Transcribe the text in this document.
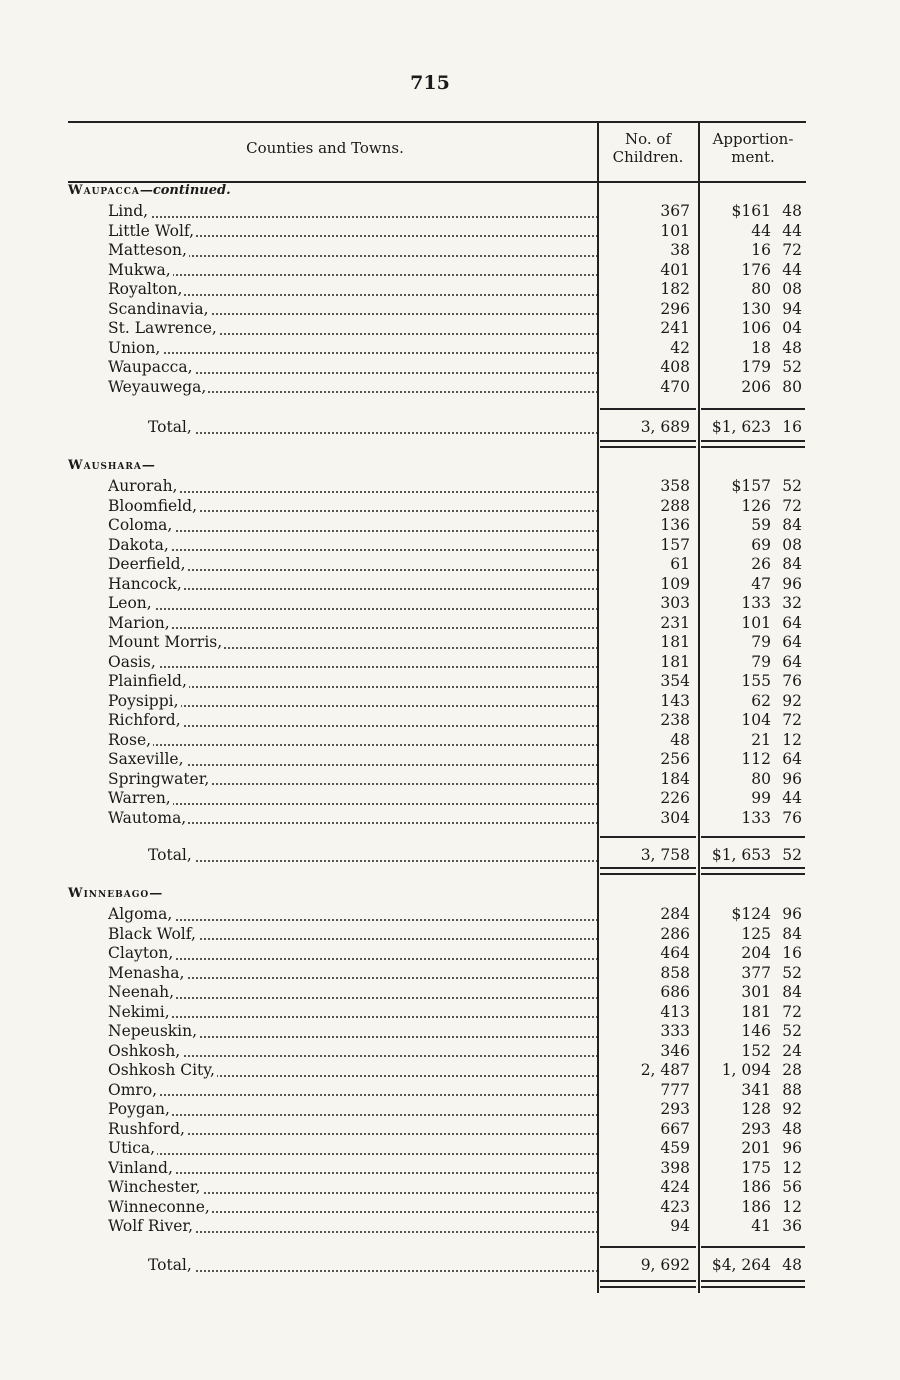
715
Counties and Towns.	No. of
Children.
Apportion-
ment.
Waupacca—continued.
Lind,	367	$161 48
Little Wolf,	101	44 44
Matteson,	38	16 72
Mukwa,	401	176 44
Royalton,	182	80 08
Scandinavia,	296	130 94
St. Lawrence,	241	106 04
Union,	42	18 48
Waupacca,	408	179 52
Weyauwega,	470	206 80
Total,	3, 689	$1, 623 16
Waushara—
Aurorah,	358	$157 52
Bloomfield,	288	126 72
Coloma,	136	59 84
Dakota,	157	69 08
Deerfield,	61	26 84
Hancock,	109	47 96
Leon,	303	133 32
Marion,	231	101 64
Mount Morris,	181	79 64
Oasis,	181	79 64
Plainfield,	354	155 76
Poysippi,	143	62 92
Richford,	238	104 72
Rose,	48	21 12
Saxeville,	256	112 64
Springwater,	184	80 96
Warren,	226	99 44
Wautoma,	304	133 76
Total,	3, 758	$1, 653 52
Winnebago—
Algoma,	284	$124 96
Black Wolf,	286	125 84
Clayton,	464	204 16
Menasha,	858	377 52
Neenah,	686	301 84
Nekimi,	413	181 72
Nepeuskin,	333	146 52
Oshkosh,	346	152 24
Oshkosh City,	2, 487	1, 094 28
Omro,	777	341 88
Poygan,	293	128 92
Rushford,	667	293 48
Utica,	459	201 96
Vinland,	398	175 12
Winchester,	424	186 56
Winneconne,	423	186 12
Wolf River,	94	41 36
Total,	9, 692	$4, 264 48
